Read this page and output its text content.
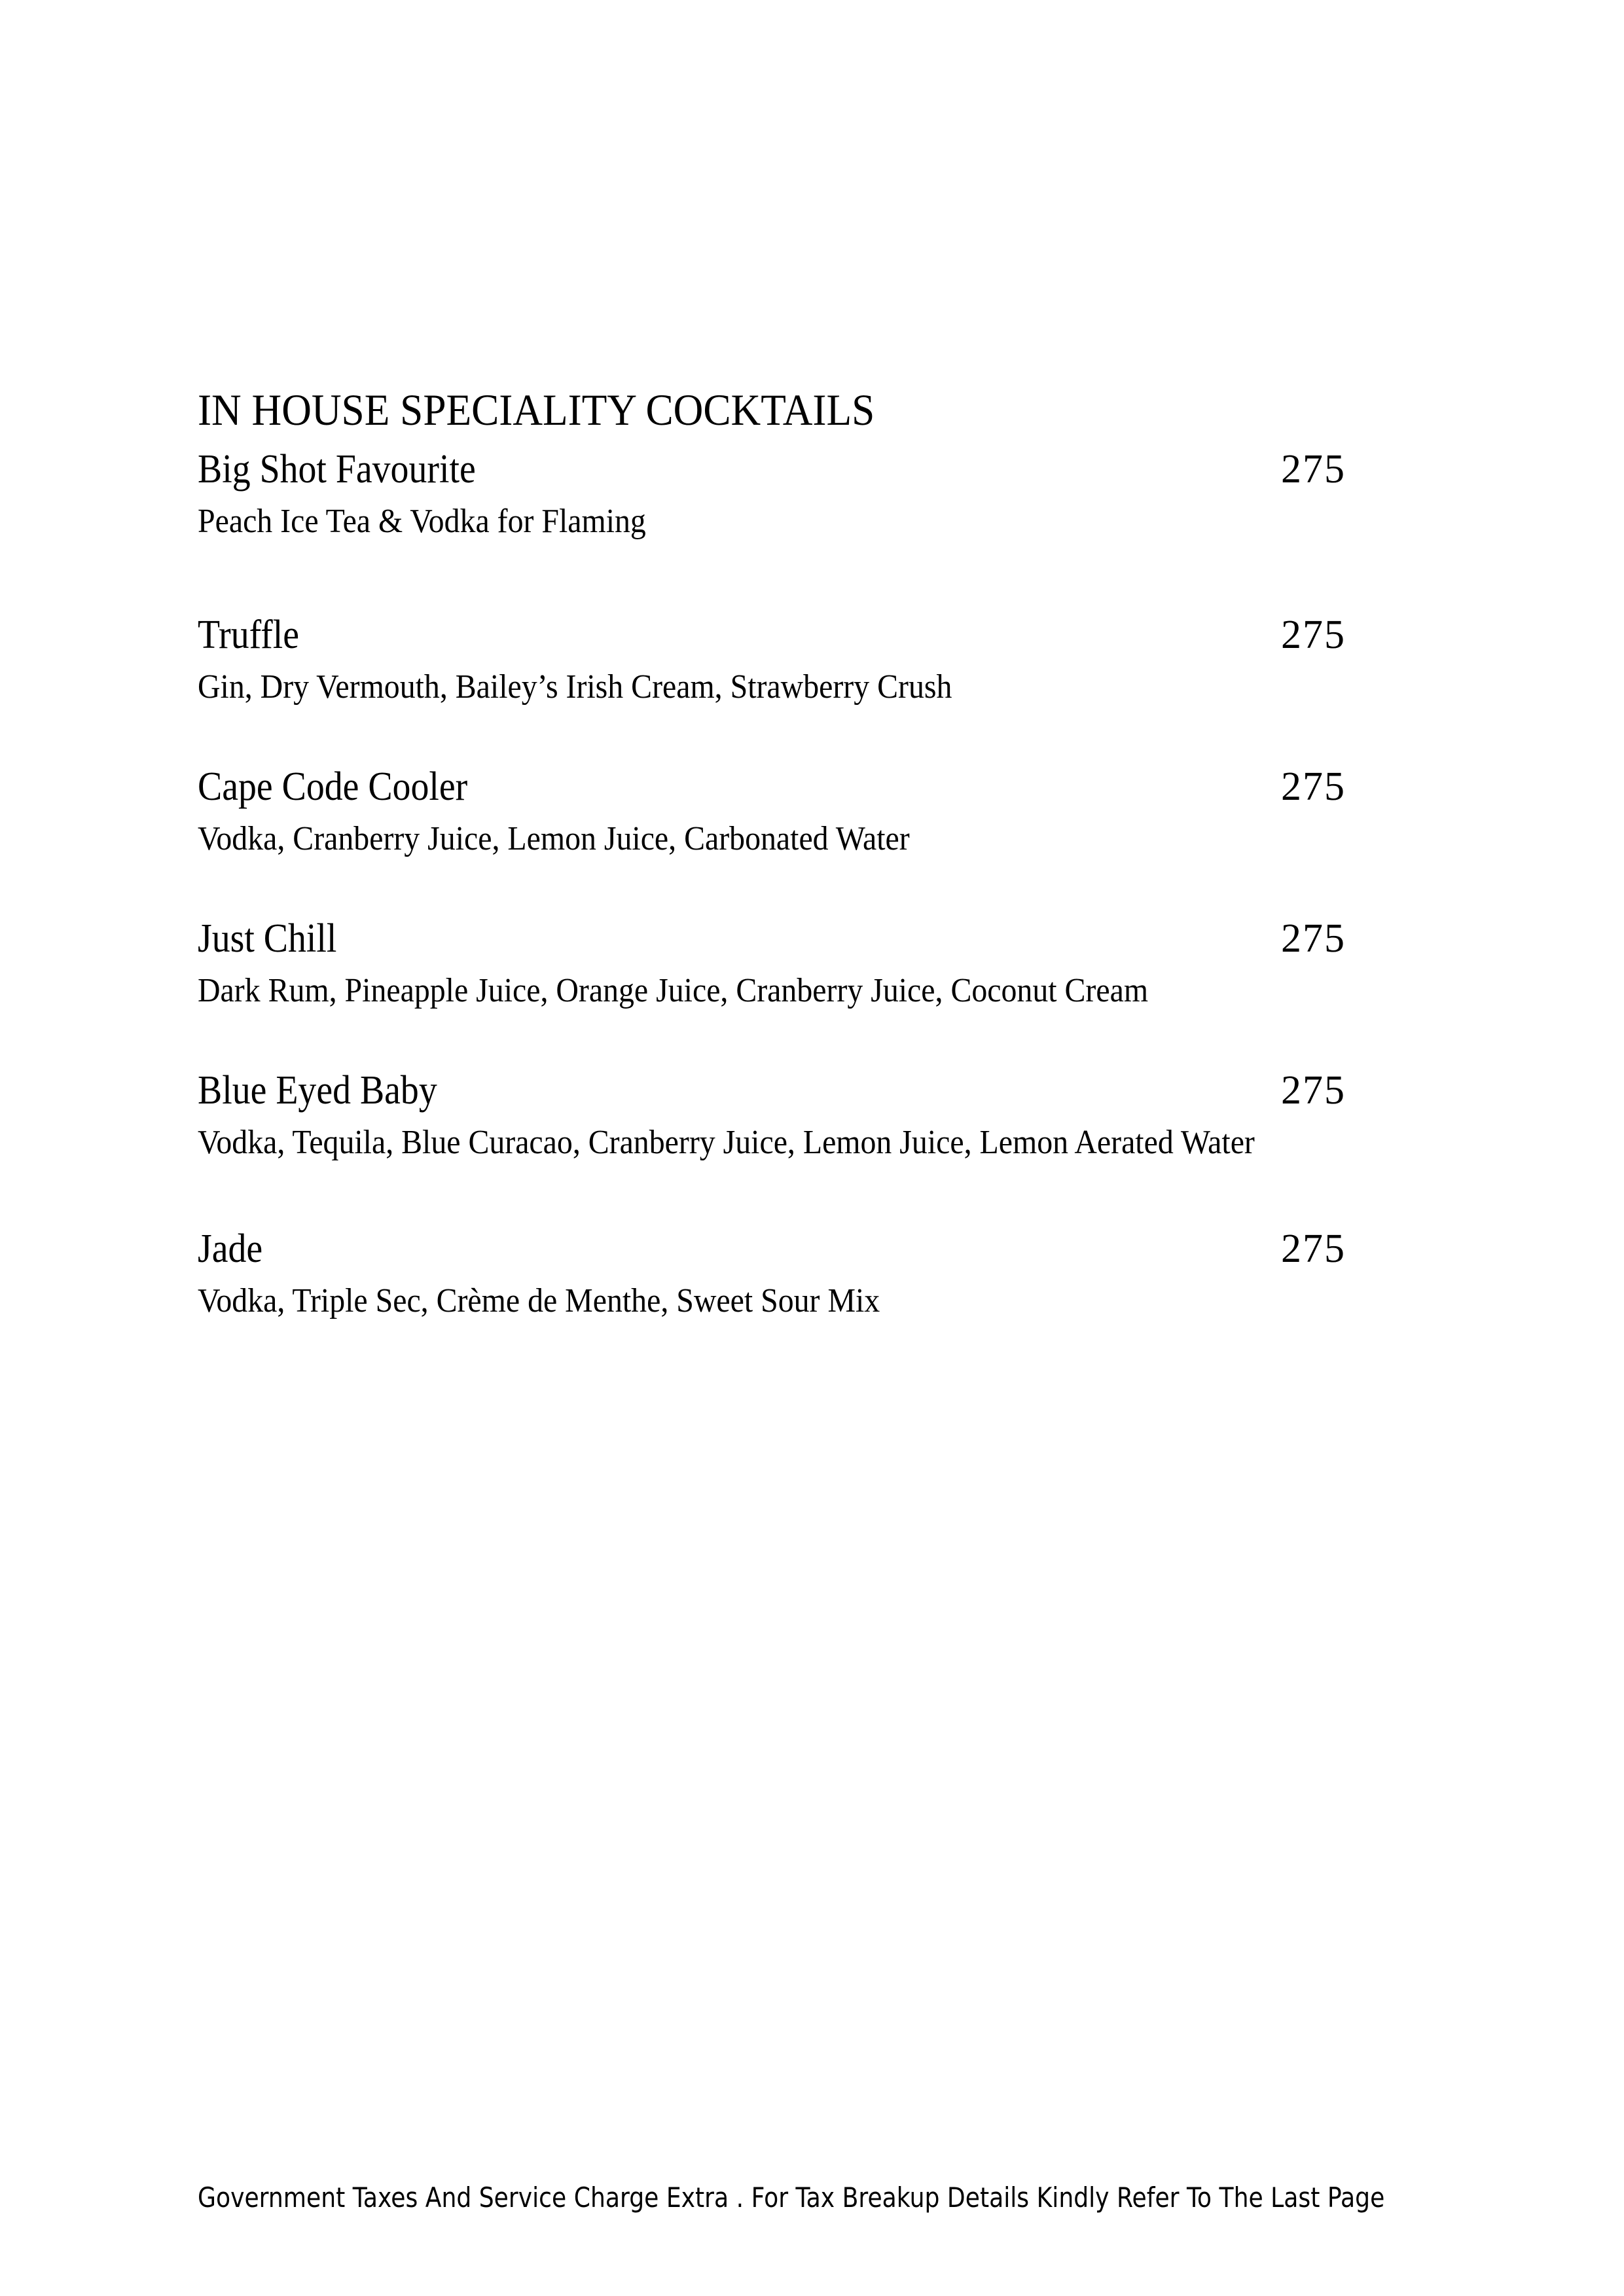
IN HOUSE SPECIALITY COCKTAILS
Big Shot Favourite	275
Peach Ice Tea & Vodka for Flaming
Truffle	275
Gin, Dry Vermouth, Bailey’s Irish Cream, Strawberry Crush
Cape Code Cooler	275
Vodka, Cranberry Juice, Lemon Juice, Carbonated Water
Just Chill	275
Dark Rum, Pineapple Juice, Orange Juice, Cranberry Juice, Coconut Cream
Blue Eyed Baby	275
Vodka, Tequila, Blue Curacao, Cranberry Juice, Lemon Juice, Lemon Aerated Water
Jade	275
Vodka, Triple Sec, Crème de Menthe, Sweet Sour Mix
Government Taxes And Service Charge Extra . For Tax Breakup Details Kindly Refer To The Last Page
